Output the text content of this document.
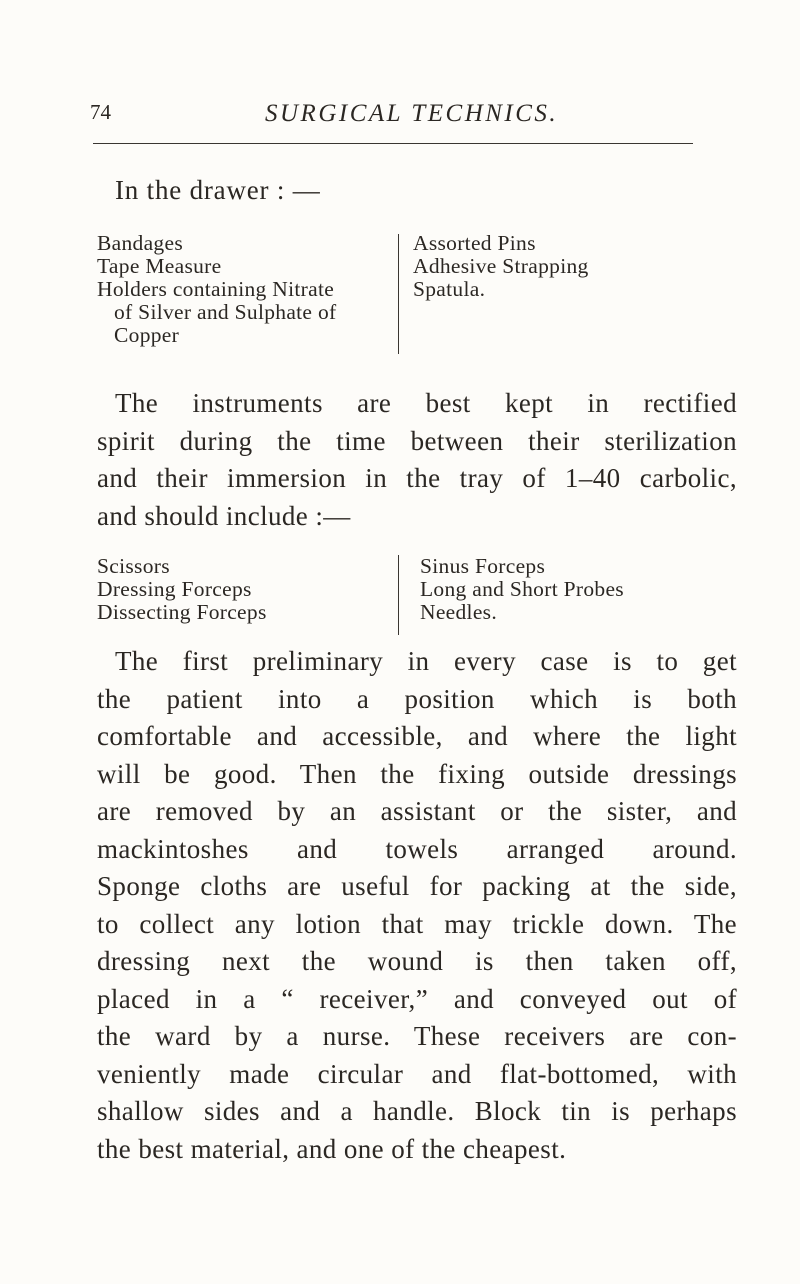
74	SURGICAL TECHNICS.
In the drawer : —
Bandages
Tape Measure
Holders containing Nitrate
of Silver and Sulphate of
Copper
Assorted Pins
Adhesive Strapping
Spatula.
The instruments are best kept in rectified
spirit during the time between their sterilization
and their immersion in the tray of 1–40 carbolic,
and should include :—
Scissors
Dressing Forceps
Dissecting Forceps
Sinus Forceps
Long and Short Probes
Needles.
The first preliminary in every case is to get
the patient into a position which is both
comfortable and accessible, and where the light
will be good. Then the fixing outside dressings
are removed by an assistant or the sister, and
mackintoshes and towels arranged around.
Sponge cloths are useful for packing at the side,
to collect any lotion that may trickle down. The
dressing next the wound is then taken off,
placed in a “ receiver,” and conveyed out of
the ward by a nurse. These receivers are con-
veniently made circular and flat-bottomed, with
shallow sides and a handle. Block tin is perhaps
the best material, and one of the cheapest.
